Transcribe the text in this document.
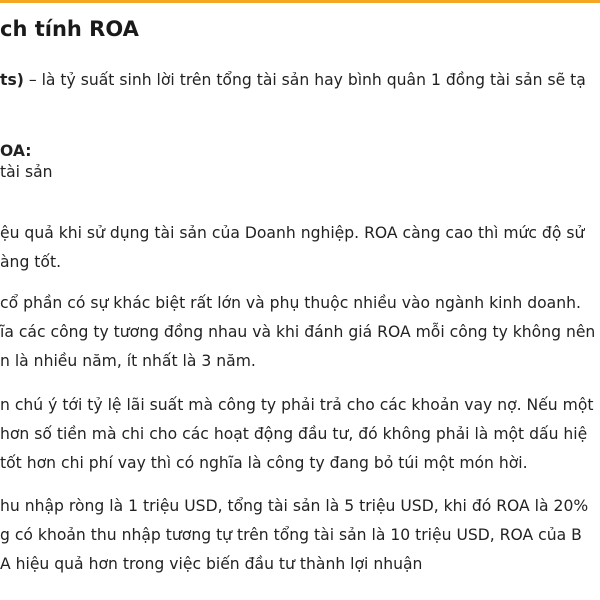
ch tính ROA
ts) – là tỷ suất sinh lời trên tổng tài sản hay bình quân 1 đồng tài sản sẽ tạ
OA:
tài sản
ệu quả khi sử dụng tài sản của Doanh nghiệp. ROA càng cao thì mức độ sử
àng tốt.
cổ phần có sự khác biệt rất lớn và phụ thuộc nhiều vào ngành kinh doanh.
ĩa các công ty tương đồng nhau và khi đánh giá ROA mỗi công ty không nên
n là nhiều năm, ít nhất là 3 năm.
n chú ý tới tỷ lệ lãi suất mà công ty phải trả cho các khoản vay nợ. Nếu một
hơn số tiền mà chi cho các hoạt động đầu tư, đó không phải là một dấu hiệ
tốt hơn chi phí vay thì có nghĩa là công ty đang bỏ túi một món hời.
hu nhập ròng là 1 triệu USD, tổng tài sản là 5 triệu USD, khi đó ROA là 20%
g có khoản thu nhập tương tự trên tổng tài sản là 10 triệu USD, ROA của B
A hiệu quả hơn trong việc biến đầu tư thành lợi nhuận
